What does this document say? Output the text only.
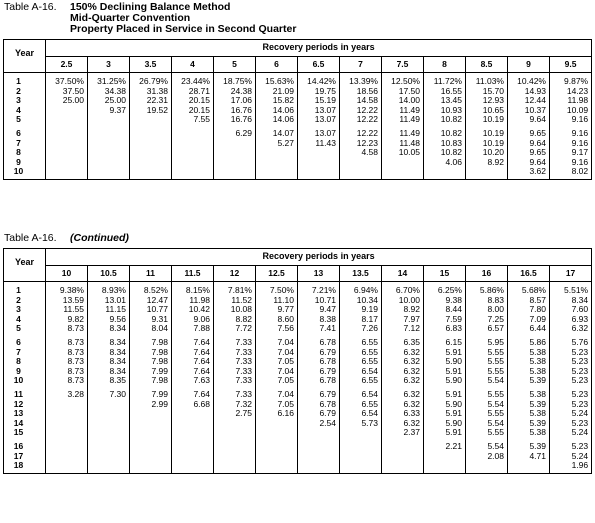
Table A-16. 150% Declining Balance Method
Mid-Quarter Convention
Property Placed in Service in Second Quarter
Year	Recovery periods in years												
	2.5	3	3.5	4	5	6	6.5	7	7.5	8	8.5	9	9.5
1	37.50%	31.25%	26.79%	23.44%	18.75%	15.63%	14.42%	13.39%	12.50%	11.72%	11.03%	10.42%	9.87%
2	37.50	34.38	31.38	28.71	24.38	21.09	19.75	18.56	17.50	16.55	15.70	14.93	14.23
3	25.00	25.00	22.31	20.15	17.06	15.82	15.19	14.58	14.00	13.45	12.93	12.44	11.98
4		9.37	19.52	20.15	16.76	14.06	13.07	12.22	11.49	10.93	10.65	10.37	10.09
5				7.55	16.76	14.06	13.07	12.22	11.49	10.82	10.19	9.64	9.16
6					6.29	14.07	13.07	12.22	11.49	10.82	10.19	9.65	9.16
7						5.27	11.43	12.23	11.48	10.83	10.19	9.64	9.16
8								4.58	10.05	10.82	10.20	9.65	9.17
9										4.06	8.92	9.64	9.16
10												3.62	8.02
Table A-16. (Continued)
Year	Recovery periods in years												
	10	10.5	11	11.5	12	12.5	13	13.5	14	15	16	16.5	17
1	9.38%	8.93%	8.52%	8.15%	7.81%	7.50%	7.21%	6.94%	6.70%	6.25%	5.86%	5.68%	5.51%
2	13.59	13.01	12.47	11.98	11.52	11.10	10.71	10.34	10.00	9.38	8.83	8.57	8.34
3	11.55	11.15	10.77	10.42	10.08	9.77	9.47	9.19	8.92	8.44	8.00	7.80	7.60
4	9.82	9.56	9.31	9.06	8.82	8.60	8.38	8.17	7.97	7.59	7.25	7.09	6.93
5	8.73	8.34	8.04	7.88	7.72	7.56	7.41	7.26	7.12	6.83	6.57	6.44	6.32
6	8.73	8.34	7.98	7.64	7.33	7.04	6.78	6.55	6.35	6.15	5.95	5.86	5.76
7	8.73	8.34	7.98	7.64	7.33	7.04	6.79	6.55	6.32	5.91	5.55	5.38	5.23
8	8.73	8.34	7.98	7.64	7.33	7.05	6.78	6.55	6.32	5.90	5.55	5.38	5.23
9	8.73	8.34	7.99	7.64	7.33	7.04	6.79	6.54	6.32	5.91	5.55	5.38	5.23
10	8.73	8.35	7.98	7.63	7.33	7.05	6.78	6.55	6.32	5.90	5.54	5.39	5.23
11	3.28	7.30	7.99	7.64	7.33	7.04	6.79	6.54	6.32	5.91	5.55	5.38	5.23
12			2.99	6.68	7.32	7.05	6.78	6.55	6.32	5.90	5.54	5.39	5.23
13					2.75	6.16	6.79	6.54	6.33	5.91	5.55	5.38	5.24
14							2.54	5.73	6.32	5.90	5.54	5.39	5.23
15									2.37	5.91	5.55	5.38	5.24
16										2.21	5.54	5.39	5.23
17											2.08	4.71	5.24
18													1.96
